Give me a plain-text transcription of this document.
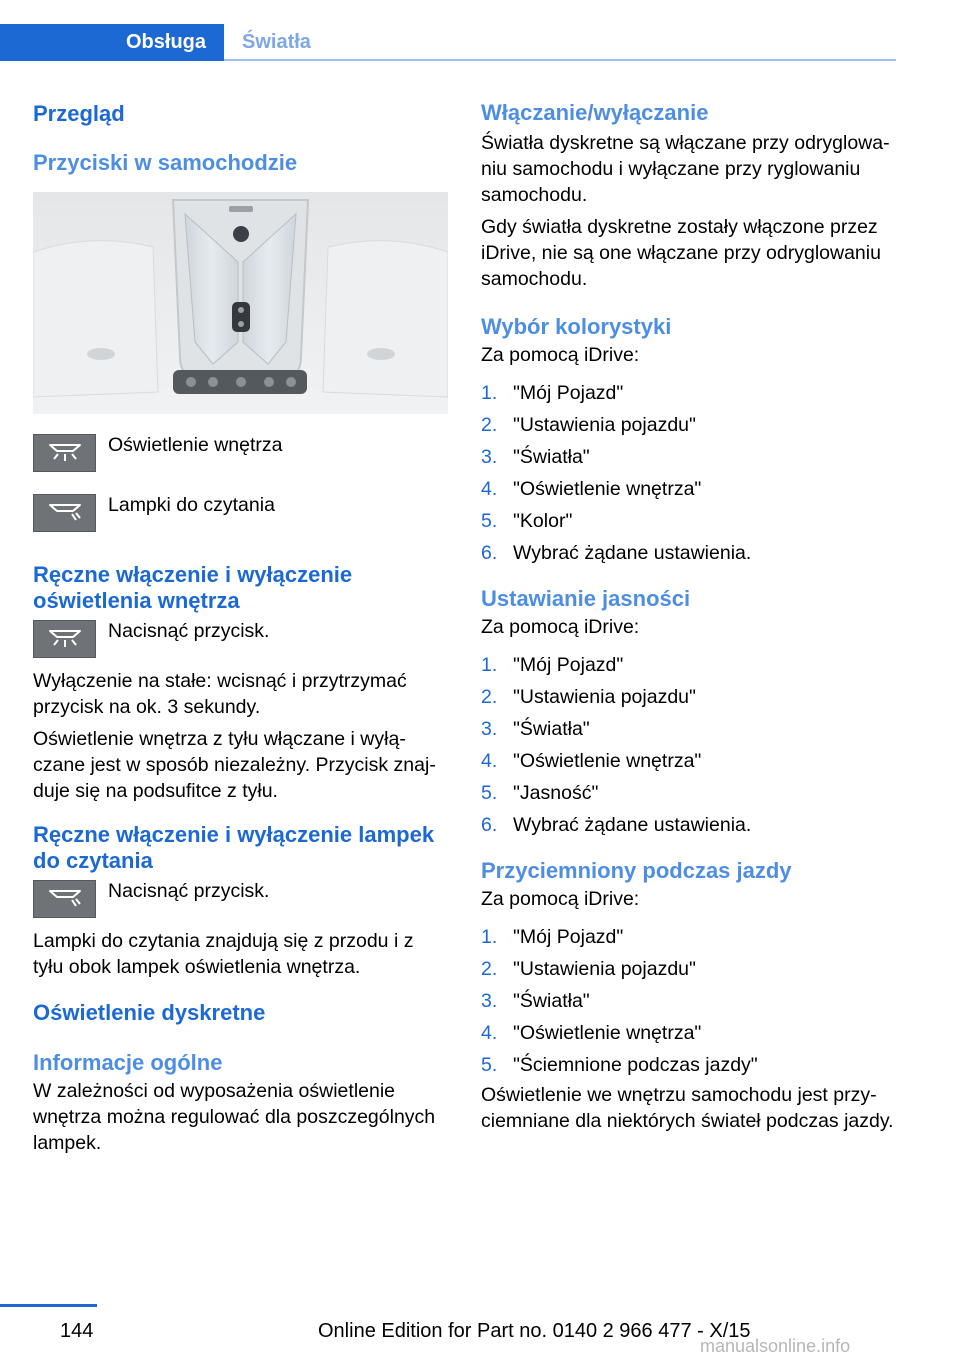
Obsługa	Światła
Przegląd
Przyciski w samochodzie
Oświetlenie wnętrza
Lampki do czytania
Ręczne włączenie i wyłączenie oświetlenia wnętrza
Nacisnąć przycisk.

Wyłączenie na stałe: wcisnąć i przytrzymać przycisk na ok. 3 sekundy.

Oświetlenie wnętrza z tyłu włączane i wyłączane jest w sposób niezależny. Przycisk znajduje się na podsufitce z tyłu.

Ręczne włączenie i wyłączenie lampek do czytania
Nacisnąć przycisk.

Lampki do czytania znajdują się z przodu i z tyłu obok lampek oświetlenia wnętrza.

Oświetlenie dyskretne
Informacje ogólne

W zależności od wyposażenia oświetlenie wnętrza można regulować dla poszczególnych lampek.

Włączanie/wyłączanie

Światła dyskretne są włączane przy odryglowaniu samochodu i wyłączane przy ryglowaniu samochodu.

Gdy światła dyskretne zostały włączone przez iDrive, nie są one włączane przy odryglowaniu samochodu.

Wybór kolorystyki

Za pomocą iDrive:

1. "Mój Pojazd"
2. "Ustawienia pojazdu"
3. "Światła"
4. "Oświetlenie wnętrza"
5. "Kolor"
6. Wybrać żądane ustawienia.
Ustawianie jasności

Za pomocą iDrive:

1. "Mój Pojazd"
2. "Ustawienia pojazdu"
3. "Światła"
4. "Oświetlenie wnętrza"
5. "Jasność"
6. Wybrać żądane ustawienia.
Przyciemniony podczas jazdy

Za pomocą iDrive:

1. "Mój Pojazd"
2. "Ustawienia pojazdu"
3. "Światła"
4. "Oświetlenie wnętrza"
5. "Ściemnione podczas jazdy"

Oświetlenie we wnętrzu samochodu jest przyciemniane dla niektórych świateł podczas jazdy.

144	Online Edition for Part no. 0140 2 966 477 - X/15
manualsonline.info
